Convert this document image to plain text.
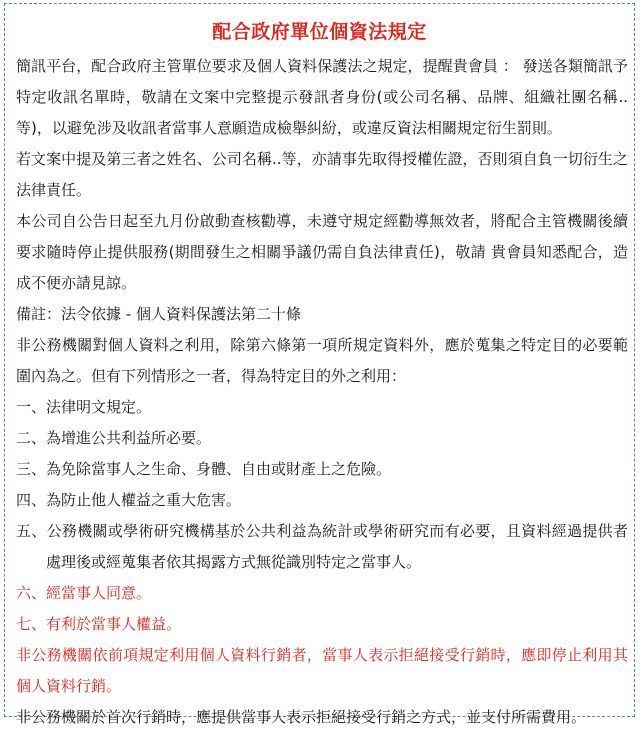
配合政府單位個資法規定

簡訊平台，配合政府主管單位要求及個人資料保護法之規定，提醒貴會員 ： 發送各類簡訊予特定收訊名單時，敬請在文案中完整提示發訊者身份(或公司名稱、品牌、組織社團名稱..等)，以避免涉及收訊者當事人意願造成檢舉糾紛，或違反資法相關規定衍生罰則。

若文案中提及第三者之姓名、公司名稱..等，亦請事先取得授權佐證，否則須自負一切衍生之法律責任。

本公司自公告日起至九月份啟動查核勸導，未遵守規定經勸導無效者，將配合主管機關後續要求隨時停止提供服務(期間發生之相關爭議仍需自負法律責任)，敬請 貴會員知悉配合，造成不便亦請見諒。

備註：法令依據 - 個人資料保護法第二十條

非公務機關對個人資料之利用，除第六條第一項所規定資料外，應於蒐集之特定目的必要範圍內為之。但有下列情形之一者，得為特定目的外之利用：

一、法律明文規定。

二、為增進公共利益所必要。

三、為免除當事人之生命、身體、自由或財產上之危險。

四、為防止他人權益之重大危害。

五、公務機關或學術研究機構基於公共利益為統計或學術研究而有必要，且資料經過提供者處理後或經蒐集者依其揭露方式無從識別特定之當事人。

六、經當事人同意。

七、有利於當事人權益。

非公務機關依前項規定利用個人資料行銷者，當事人表示拒絕接受行銷時，應即停止利用其個人資料行銷。

非公務機關於首次行銷時，應提供當事人表示拒絕接受行銷之方式，並支付所需費用。
